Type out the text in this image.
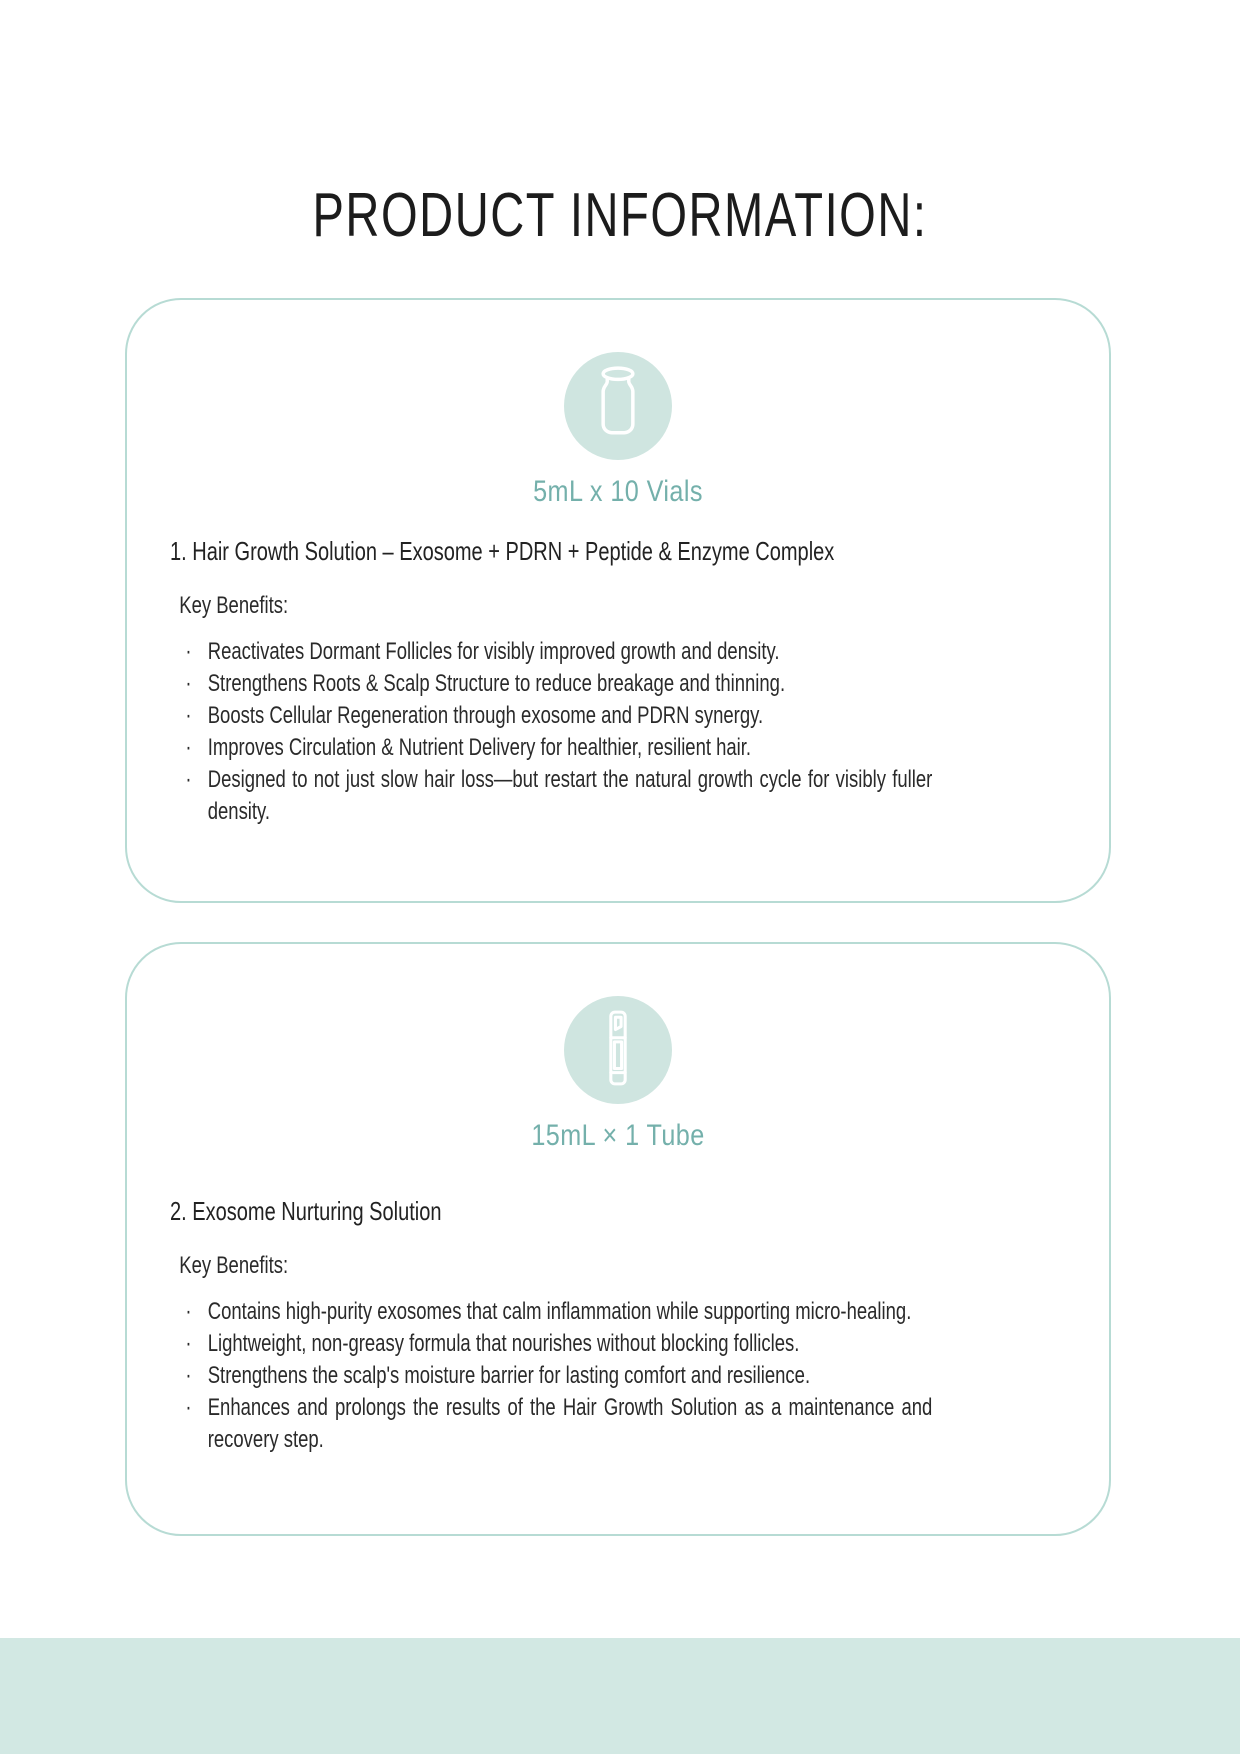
PRODUCT INFORMATION:
5mL x 10 Vials
1. Hair Growth Solution – Exosome + PDRN + Peptide & Enzyme Complex
Key Benefits:
· Reactivates Dormant Follicles for visibly improved growth and density.
· Strengthens Roots & Scalp Structure to reduce breakage and thinning.
· Boosts Cellular Regeneration through exosome and PDRN synergy.
· Improves Circulation & Nutrient Delivery for healthier, resilient hair.
· Designed to not just slow hair loss—but restart the natural growth cycle for visibly fuller density.
15mL × 1 Tube
2. Exosome Nurturing Solution
Key Benefits:
· Contains high-purity exosomes that calm inflammation while supporting micro-healing.
· Lightweight, non-greasy formula that nourishes without blocking follicles.
· Strengthens the scalp's moisture barrier for lasting comfort and resilience.
· Enhances and prolongs the results of the Hair Growth Solution as a maintenance and recovery step.
